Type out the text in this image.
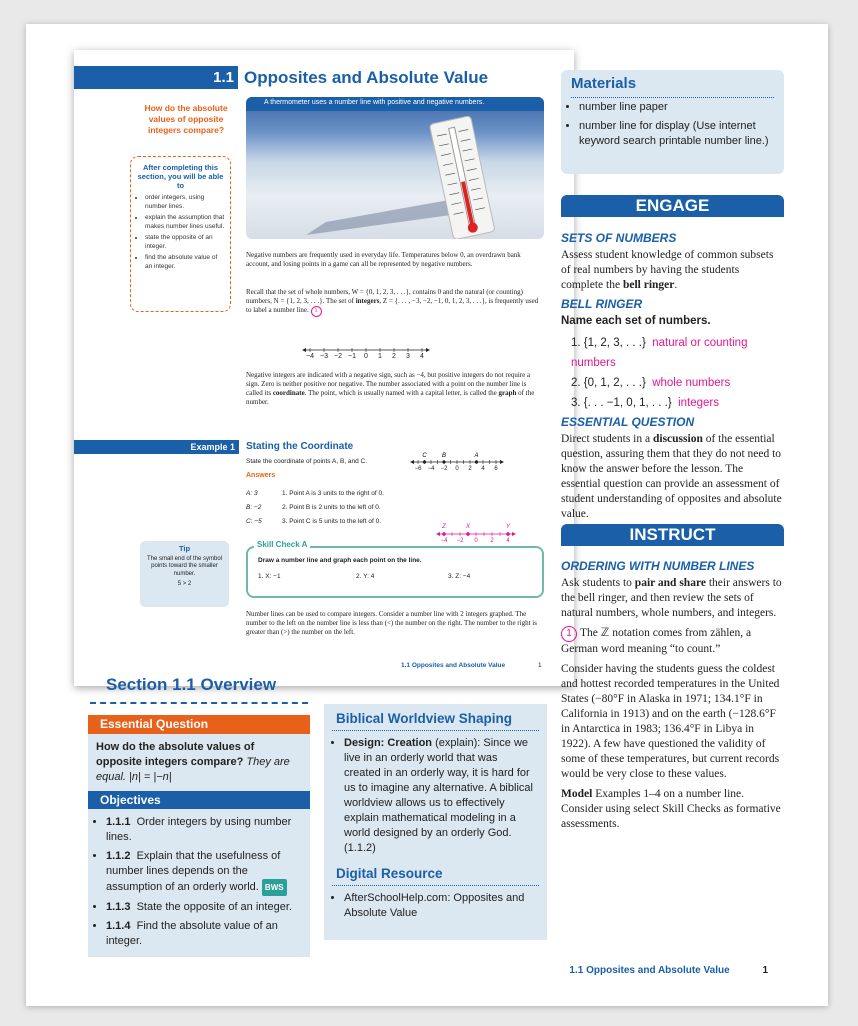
1.1 Opposites and Absolute Value
How do the absolute values of opposite integers compare?
After completing this section, you will be able to
• order integers, using number lines.
• explain the assumption that makes number lines useful.
• state the opposite of an integer.
• find the absolute value of an integer.
A thermometer uses a number line with positive and negative numbers.
Negative numbers are frequently used in everyday life. Temperatures below 0, an overdrawn bank account, and losing points in a game can all be represented by negative numbers.
Recall that the set of whole numbers, W = {0, 1, 2, 3, . . .}, contains 0 and the natural (or counting) numbers, N = {1, 2, 3, . . .}. The set of integers, Z = {. . . , −3, −2, −1, 0, 1, 2, 3, . . .}, is frequently used to label a number line. 1
−4 −3 −2 −1 0 1 2 3 4
Negative integers are indicated with a negative sign, such as −4, but positive integers do not require a sign. Zero is neither positive nor negative. The number associated with a point on the number line is called its coordinate. The point, which is usually named with a capital letter, is called the graph of the number.
Example 1	Stating the Coordinate
State the coordinate of points A, B, and C.
−6 −4 −2 0 2 4 6
C	B	A
Answers
A: 3	1. Point A is 3 units to the right of 0.
B: −2	2. Point B is 2 units to the left of 0.
C: −5	3. Point C is 5 units to the left of 0.
−4 −2 0 2 4
Z	X	Y
Tip
The small end of the symbol points toward the smaller number.
5 > 2
Skill Check A
Draw a number line and graph each point on the line.
1. X: −1	2. Y: 4	3. Z: −4
Number lines can be used to compare integers. Consider a number line with 2 integers graphed. The number to the left on the number line is less than (<) the number on the right. The number to the right is greater than (>) the number on the left.
1.1 Opposites and Absolute Value	1
Materials
• number line paper
• number line for display (Use internet keyword search printable number line.)
ENGAGE
SETS OF NUMBERS
Assess student knowledge of common subsets of real numbers by having the students complete the bell ringer.
BELL RINGER
Name each set of numbers.
1. {1, 2, 3, . . .} natural or counting numbers
2. {0, 1, 2, . . .} whole numbers
3. {. . . −1, 0, 1, . . .} integers
ESSENTIAL QUESTION
Direct students in a discussion of the essential question, assuring them that they do not need to know the answer before the lesson. The essential question can provide an assessment of student understanding of opposites and absolute value.
INSTRUCT
ORDERING WITH NUMBER LINES
Ask students to pair and share their answers to the bell ringer, and then review the sets of natural numbers, whole numbers, and integers.
1 The ℤ notation comes from zählen, a German word meaning “to count.”
Consider having the students guess the coldest and hottest recorded temperatures in the United States (−80°F in Alaska in 1971; 134.1°F in California in 1913) and on the earth (−128.6°F in Antarctica in 1983; 136.4°F in Libya in 1922). A few have questioned the validity of some of these temperatures, but current records would be very close to these values.
Model Examples 1–4 on a number line. Consider using select Skill Checks as formative assessments.
Section 1.1 Overview
Essential Question
How do the absolute values of opposite integers compare? They are equal. |n| = |−n|
Objectives
• 1.1.1 Order integers by using number lines.
• 1.1.2 Explain that the usefulness of number lines depends on the assumption of an orderly world. BWS
• 1.1.3 State the opposite of an integer.
• 1.1.4 Find the absolute value of an integer.
Biblical Worldview Shaping
• Design: Creation (explain): Since we live in an orderly world that was created in an orderly way, it is hard for us to imagine any alternative. A biblical worldview allows us to effectively explain mathematical modeling in a world designed by an orderly God. (1.1.2)
Digital Resource
• AfterSchoolHelp.com: Opposites and Absolute Value
1.1 Opposites and Absolute Value	1
